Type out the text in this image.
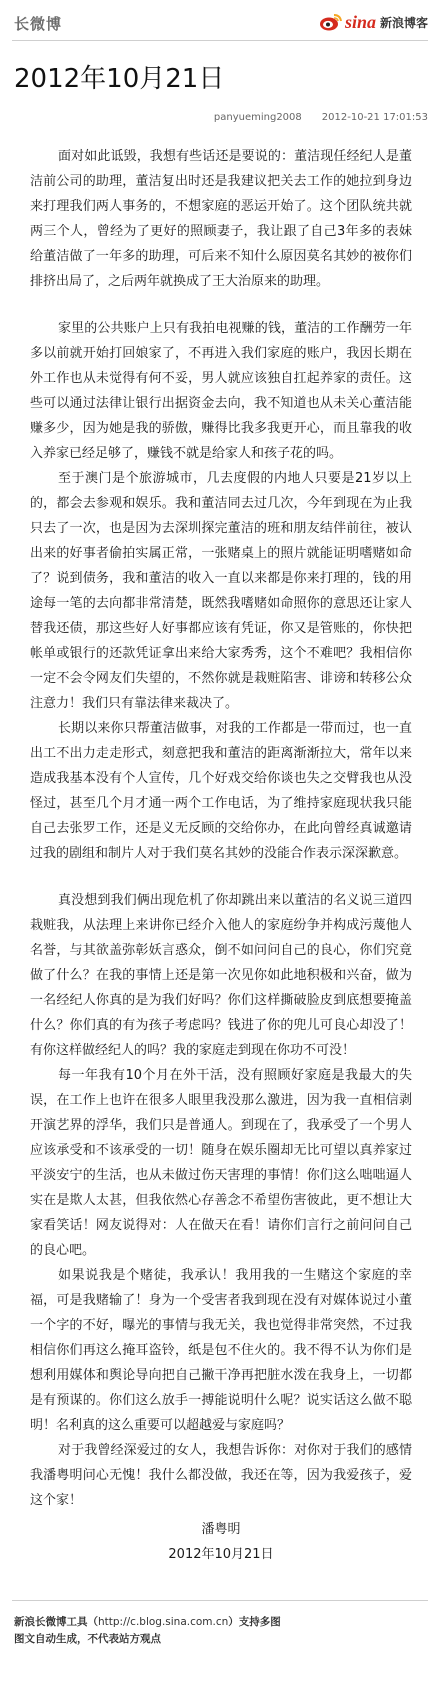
长微博	sina 新浪博客
2012年10月21日
panyueming2008 2012-10-21 17:01:53

面对如此诋毁，我想有些话还是要说的：董洁现任经纪人是董洁前公司的助理，董洁复出时还是我建议把关去工作的她拉到身边来打理我们两人事务的，不想家庭的恶运开始了。这个团队统共就两三个人，曾经为了更好的照顾妻子，我让跟了自己3年多的表妹给董洁做了一年多的助理，可后来不知什么原因莫名其妙的被你们排挤出局了，之后两年就换成了王大治原来的助理。

家里的公共账户上只有我拍电视赚的钱，董洁的工作酬劳一年多以前就开始打回娘家了，不再进入我们家庭的账户，我因长期在外工作也从未觉得有何不妥，男人就应该独自扛起养家的责任。这些可以通过法律让银行出据资金去向，我不知道也从未关心董洁能赚多少，因为她是我的骄傲，赚得比我多我更开心，而且靠我的收入养家已经足够了，赚钱不就是给家人和孩子花的吗。

至于澳门是个旅游城市，几去度假的内地人只要是21岁以上的，都会去参观和娱乐。我和董洁同去过几次，今年到现在为止我只去了一次，也是因为去深圳探完董洁的班和朋友结伴前往，被认出来的好事者偷拍实属正常，一张赌桌上的照片就能证明嗜赌如命了？说到债务，我和董洁的收入一直以来都是你来打理的，钱的用途每一笔的去向都非常清楚，既然我嗜赌如命照你的意思还让家人替我还债，那这些好人好事都应该有凭证，你又是管账的，你快把帐单或银行的还款凭证拿出来给大家秀秀，这个不难吧？我相信你一定不会令网友们失望的，不然你就是栽赃陷害、诽谤和转移公众注意力！我们只有靠法律来裁决了。

长期以来你只帮董洁做事，对我的工作都是一带而过，也一直出工不出力走走形式，刻意把我和董洁的距离渐渐拉大，常年以来造成我基本没有个人宣传，几个好戏交给你谈也失之交臂我也从没怪过，甚至几个月才通一两个工作电话，为了维持家庭现状我只能自己去张罗工作，还是义无反顾的交给你办，在此向曾经真诚邀请过我的剧组和制片人对于我们莫名其妙的没能合作表示深深歉意。

真没想到我们俩出现危机了你却跳出来以董洁的名义说三道四栽赃我，从法理上来讲你已经介入他人的家庭纷争并构成污蔑他人名誉，与其欲盖弥彰妖言惑众，倒不如问问自己的良心，你们究竟做了什么？在我的事情上还是第一次见你如此地积极和兴奋，做为一名经纪人你真的是为我们好吗？你们这样撕破脸皮到底想要掩盖什么？你们真的有为孩子考虑吗？钱进了你的兜儿可良心却没了！有你这样做经纪人的吗？我的家庭走到现在你功不可没！

每一年我有10个月在外干活，没有照顾好家庭是我最大的失误，在工作上也许在很多人眼里我没那么激进，因为我一直相信剥开演艺界的浮华，我们只是普通人。到现在了，我承受了一个男人应该承受和不该承受的一切！随身在娱乐圈却无比可望以真养家过平淡安宁的生活，也从未做过伤天害理的事情！你们这么咄咄逼人实在是欺人太甚，但我依然心存善念不希望伤害彼此，更不想让大家看笑话！网友说得对：人在做天在看！请你们言行之前问问自己的良心吧。

如果说我是个赌徒，我承认！我用我的一生赌这个家庭的幸福，可是我赌输了！身为一个受害者我到现在没有对媒体说过小董一个字的不好，曝光的事情与我无关，我也觉得非常突然，不过我相信你们再这么掩耳盗铃，纸是包不住火的。我不得不认为你们是想利用媒体和舆论导向把自己撇干净再把脏水泼在我身上，一切都是有预谋的。你们这么放手一搏能说明什么呢？说实话这么做不聪明！名利真的这么重要可以超越爱与家庭吗？

对于我曾经深爱过的女人，我想告诉你：对你对于我们的感情我潘粤明问心无愧！我什么都没做，我还在等，因为我爱孩子，爱这个家！

潘粤明

2012年10月21日

新浪长微博工具（http://c.blog.sina.com.cn）支持多图
图文自动生成，不代表站方观点
